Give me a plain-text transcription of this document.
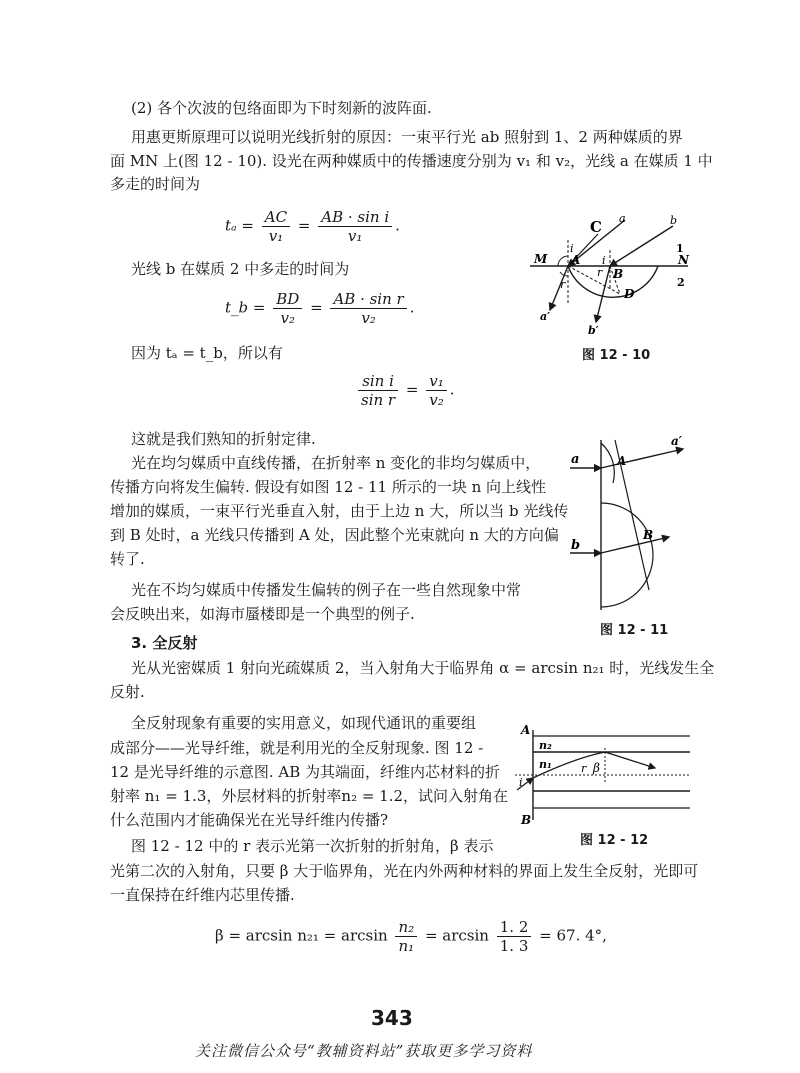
(2) 各个次波的包络面即为下时刻新的波阵面.
用惠更斯原理可以说明光线折射的原因：一束平行光 ab 照射到 1、2 两种媒质的界
面 MN 上(图 12 - 10). 设光在两种媒质中的传播速度分别为 v₁ 和 v₂，光线 a 在媒质 1 中
多走的时间为
$t_a = \frac{AC}{\text{v₁}} = \frac{\text{AB · sin i}}{\text{v₁}}$ .
光线 b 在媒质 2 中多走的时间为
t_b = $\frac{BD}{\text{v₂}} = \frac{\text{AB · sin r}}{\text{v₂}}$ .
因为 tₐ = t_b，所以有
$\frac{\text{sin i}}{\text{sin r}} = \frac{\text{v₁}}{\text{v₂}}$ .
这就是我们熟知的折射定律.
光在均匀媒质中直线传播，在折射率 n 变化的非均匀媒质中，
传播方向将发生偏转. 假设有如图 12 - 11 所示的一块 n 向上线性
增加的媒质，一束平行光垂直入射，由于上边 n 大，所以当 b 光线传
到 B 处时，a 光线只传播到 A 处，因此整个光束就向 n 大的方向偏
转了.
光在不均匀媒质中传播发生偏转的例子在一些自然现象中常
会反映出来，如海市蜃楼即是一个典型的例子.
3. 全反射
光从光密媒质 1 射向光疏媒质 2，当入射角大于临界角 α = arcsin n₂₁ 时，光线发生全
反射.
全反射现象有重要的实用意义，如现代通讯的重要组
成部分——光导纤维，就是利用光的全反射现象. 图 12 -
12 是光导纤维的示意图. AB 为其端面，纤维内芯材料的折
射率 n₁ = 1.3，外层材料的折射率n₂ = 1.2，试问入射角在
什么范围内才能确保光在光导纤维内传播?
图 12 - 12 中的 r 表示光第一次折射的折射角，β 表示
光第二次的入射角，只要 β 大于临界角，光在内外两种材料的界面上发生全反射，光即可
一直保持在纤维内芯里传播.
$\beta = \arcsin n_{21} = \arcsin \frac{\text{n₂}}{\text{n₁}} = \arcsin \frac{1. 2}{1. 3} = 67$. 4°,
C a	b
1
2
M	N
A
B
D
i
i
r
r
a′
b′
图 12 - 10
a
a′
A
B
b
图 12 - 11
A
B
n₂
n₁
i
r β
图 12 - 12
343
关注微信公众号“教辅资料站”获取更多学习资料
